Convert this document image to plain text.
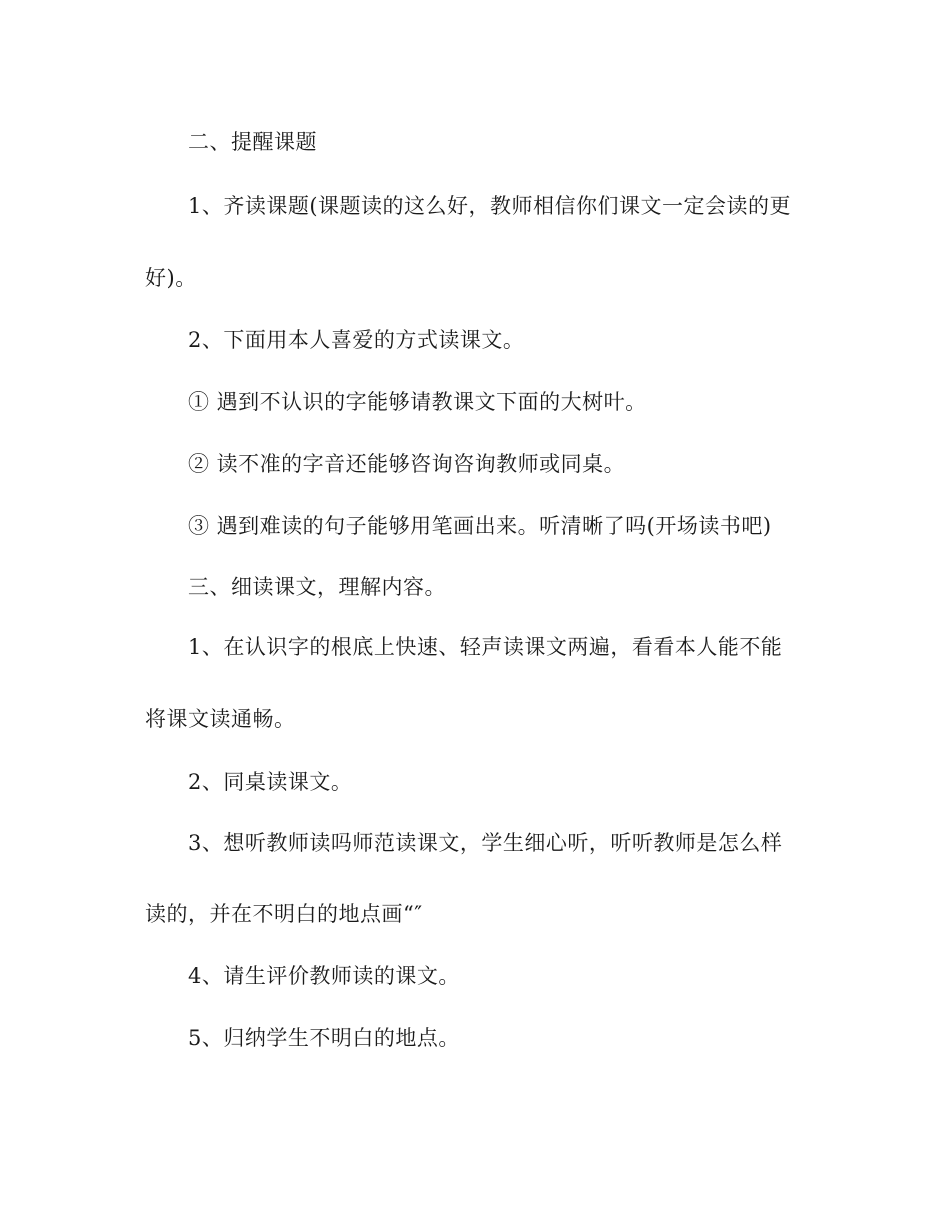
二、提醒课题
1、齐读课题(课题读的这么好，教师相信你们课文一定会读的更
好)。
2、下面用本人喜爱的方式读课文。
① 遇到不认识的字能够请教课文下面的大树叶。
② 读不准的字音还能够咨询咨询教师或同桌。
③ 遇到难读的句子能够用笔画出来。听清晰了吗(开场读书吧)
三、细读课文，理解内容。
1、在认识字的根底上快速、轻声读课文两遍，看看本人能不能
将课文读通畅。
2、同桌读课文。
3、想听教师读吗师范读课文，学生细心听，听听教师是怎么样
读的，并在不明白的地点画“″
4、请生评价教师读的课文。
5、归纳学生不明白的地点。
